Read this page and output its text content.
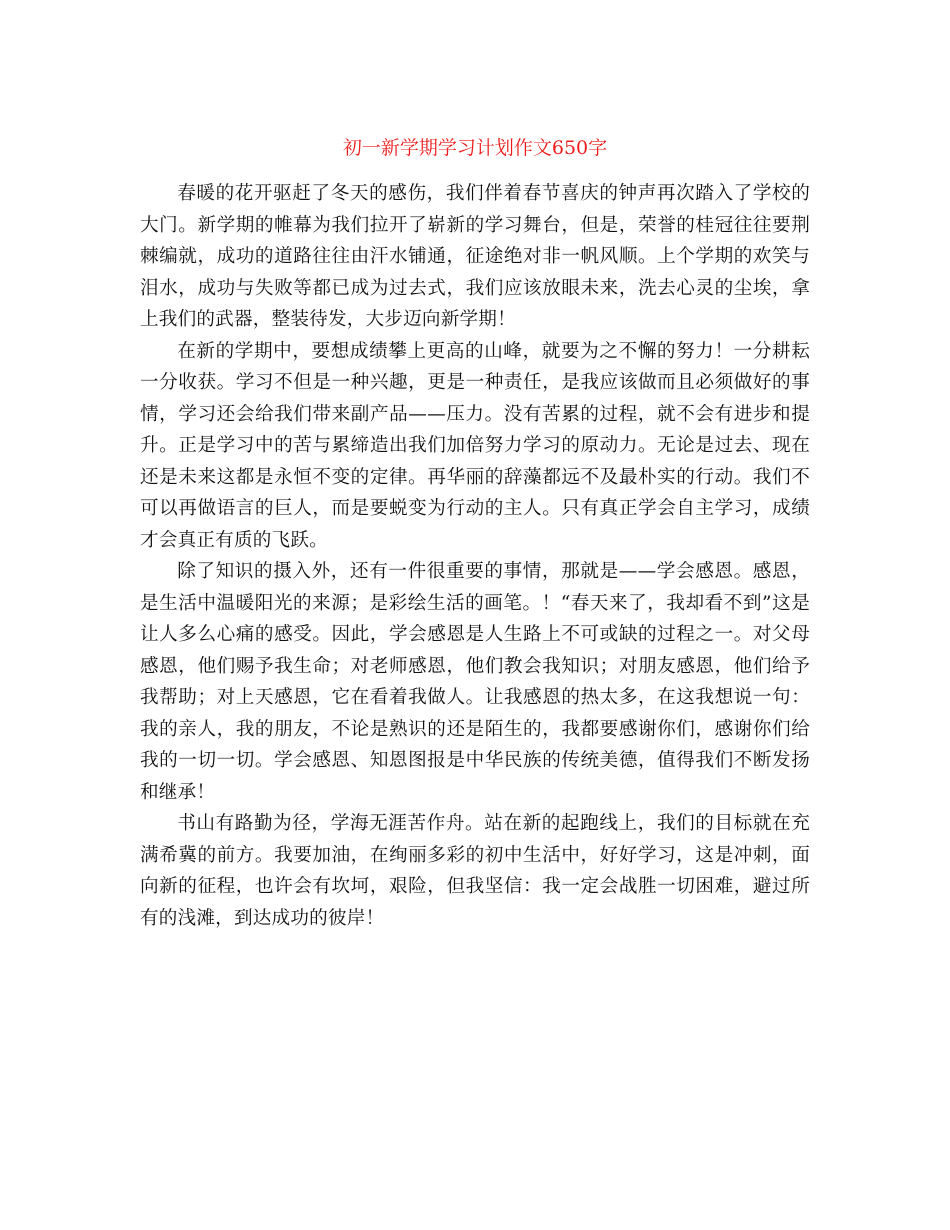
初一新学期学习计划作文650字

春暖的花开驱赶了冬天的感伤，我们伴着春节喜庆的钟声再次踏入了学校的大门。新学期的帷幕为我们拉开了崭新的学习舞台，但是，荣誉的桂冠往往要荆棘编就，成功的道路往往由汗水铺通，征途绝对非一帆风顺。上个学期的欢笑与泪水，成功与失败等都已成为过去式，我们应该放眼未来，洗去心灵的尘埃，拿上我们的武器，整装待发，大步迈向新学期！

在新的学期中，要想成绩攀上更高的山峰，就要为之不懈的努力！一分耕耘一分收获。学习不但是一种兴趣，更是一种责任，是我应该做而且必须做好的事情，学习还会给我们带来副产品——压力。没有苦累的过程，就不会有进步和提升。正是学习中的苦与累缔造出我们加倍努力学习的原动力。无论是过去、现在还是未来这都是永恒不变的定律。再华丽的辞藻都远不及最朴实的行动。我们不可以再做语言的巨人，而是要蜕变为行动的主人。只有真正学会自主学习，成绩才会真正有质的飞跃。

除了知识的摄入外，还有一件很重要的事情，那就是——学会感恩。感恩，是生活中温暖阳光的来源；是彩绘生活的画笔。！“春天来了，我却看不到”这是让人多么心痛的感受。因此，学会感恩是人生路上不可或缺的过程之一。对父母感恩，他们赐予我生命；对老师感恩，他们教会我知识；对朋友感恩，他们给予我帮助；对上天感恩，它在看着我做人。让我感恩的热太多，在这我想说一句：我的亲人，我的朋友，不论是熟识的还是陌生的，我都要感谢你们，感谢你们给我的一切一切。学会感恩、知恩图报是中华民族的传统美德，值得我们不断发扬和继承！

书山有路勤为径，学海无涯苦作舟。站在新的起跑线上，我们的目标就在充满希冀的前方。我要加油，在绚丽多彩的初中生活中，好好学习，这是冲刺，面向新的征程，也许会有坎坷，艰险，但我坚信：我一定会战胜一切困难，避过所有的浅滩，到达成功的彼岸！
